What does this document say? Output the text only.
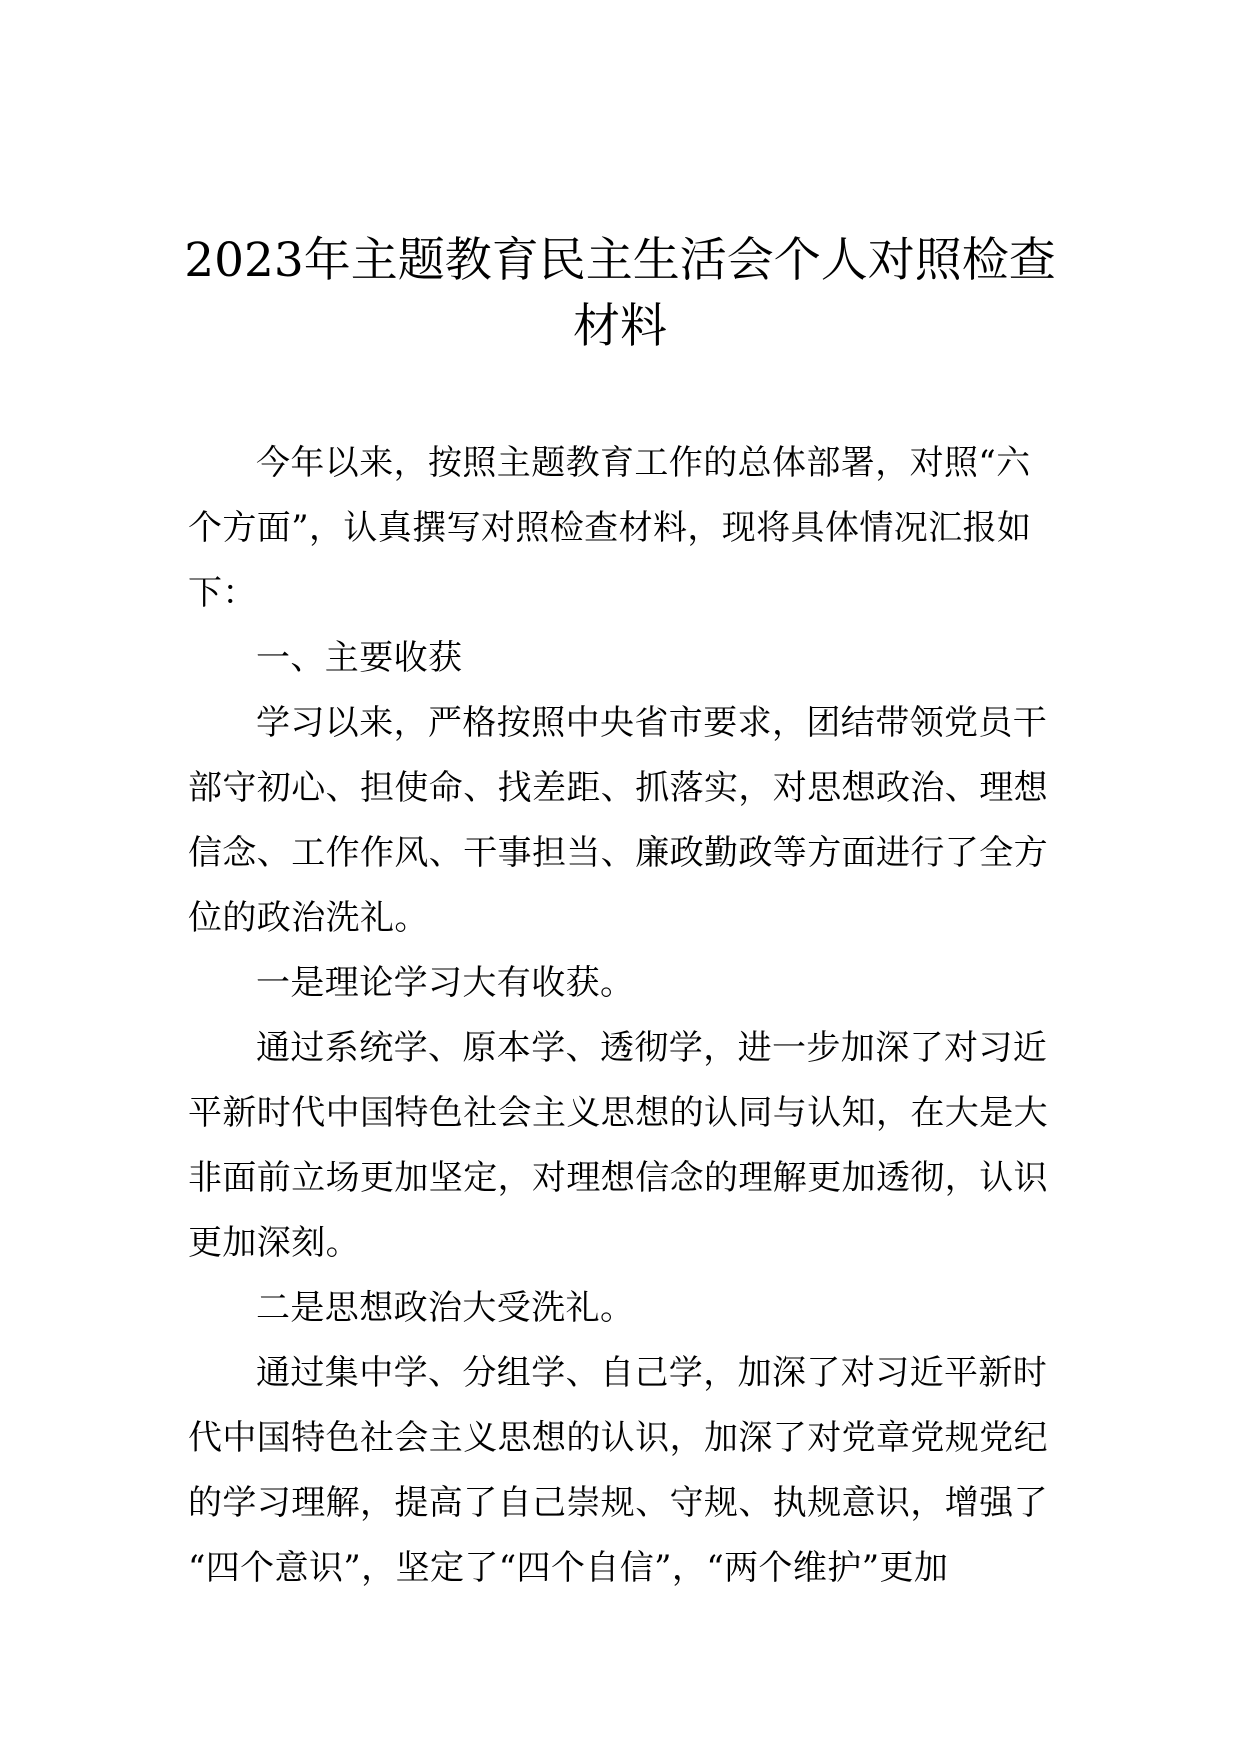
2023年主题教育民主生活会个人对照检查
材料

今年以来，按照主题教育工作的总体部署，对照“六

个方面”，认真撰写对照检查材料，现将具体情况汇报如

下：

一、主要收获

学习以来，严格按照中央省市要求，团结带领党员干

部守初心、担使命、找差距、抓落实，对思想政治、理想

信念、工作作风、干事担当、廉政勤政等方面进行了全方

位的政治洗礼。

一是理论学习大有收获。

通过系统学、原本学、透彻学，进一步加深了对习近

平新时代中国特色社会主义思想的认同与认知，在大是大

非面前立场更加坚定，对理想信念的理解更加透彻，认识

更加深刻。

二是思想政治大受洗礼。

通过集中学、分组学、自己学，加深了对习近平新时

代中国特色社会主义思想的认识，加深了对党章党规党纪

的学习理解，提高了自己崇规、守规、执规意识，增强了

“四个意识”，坚定了“四个自信”，“两个维护”更加
